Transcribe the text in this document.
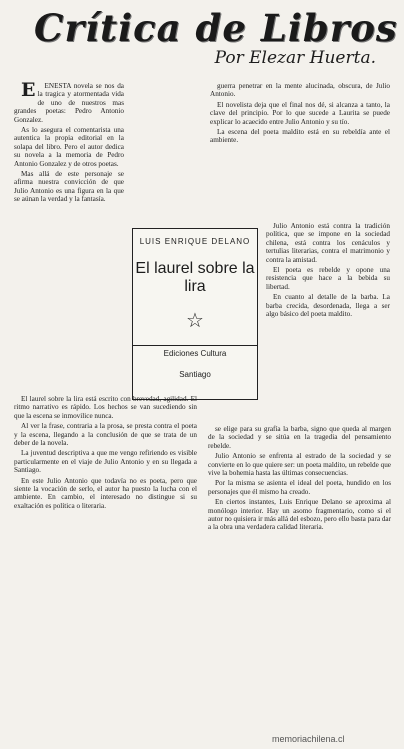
Crítica de Libros
Por Elezar Huerta.

E ENESTA novela se nos da la tragica y atormentada vida de uno de nuestros mas grandes poetas: Pedro Antonio Gonzalez.

As lo asegura el comentarista una autentica la propia editorial en la solapa del libro. Pero el autor dedica su novela a la memoria de Pedro Antonio Gonzalez y de otros poetas.

Mas allá de este personaje se afirma nuestra convicción de que Julio Antonio es una figura en la que se aúnan la verdad y la fantasía.

guerra penetrar en la mente alucinada, obscura, de Julio Antonio.

El novelista deja que el final nos dé, si alcanza a tanto, la clave del principio. Por lo que sucede a Laurita se puede explicar lo acaecido entre Julio Antonio y su tío.

La escena del poeta maldito está en su rebeldía ante el ambiente.

LUIS ENRIQUE DELANO
El laurel sobre la lira
☆
Ediciones Cultura
Santiago

Julio Antonio está contra la tradición política, que se impone en la sociedad chilena, está contra los cenáculos y tertulias literarias, contra el matrimonio y contra la amistad.

El poeta es rebelde y opone una resistencia que hace a la bebida su libertad.

En cuanto al detalle de la barba. La barba crecida, desordenada, llega a ser algo básico del poeta maldito.

El laurel sobre la lira está escrito con brevedad, agilidad. El ritmo narrativo es rápido. Los hechos se van sucediendo sin que la escena se inmovilice nunca.

Al ver la frase, contraria a la prosa, se presta contra el poeta y la escena, llegando a la conclusión de que se trata de un deber de la novela.

La juventud descriptiva a que me vengo refiriendo es visible particularmente en el viaje de Julio Antonio y en su llegada a Santiago.

En este Julio Antonio que todavía no es poeta, pero que siente la vocación de serlo, el autor ha puesto la lucha con el ambiente. En cambio, el interesado no distingue si su exaltación es política o literaria.

se elige para su grafía la barba, signo que queda al margen de la sociedad y se sitúa en la tragedia del pensamiento rebelde.

Julio Antonio se enfrenta al estrado de la sociedad y se convierte en lo que quiere ser: un poeta maldito, un rebelde que vive la bohemia hasta las últimas consecuencias.

Por la misma se asienta el ideal del poeta, hundido en los personajes que él mismo ha creado.

En ciertos instantes, Luis Enrique Delano se aproxima al monólogo interior. Hay un asomo fragmentario, como si el autor no quisiera ir más allá del esbozo, pero ello basta para dar a la obra una verdadera calidad literaria.

memoriachilena.cl
